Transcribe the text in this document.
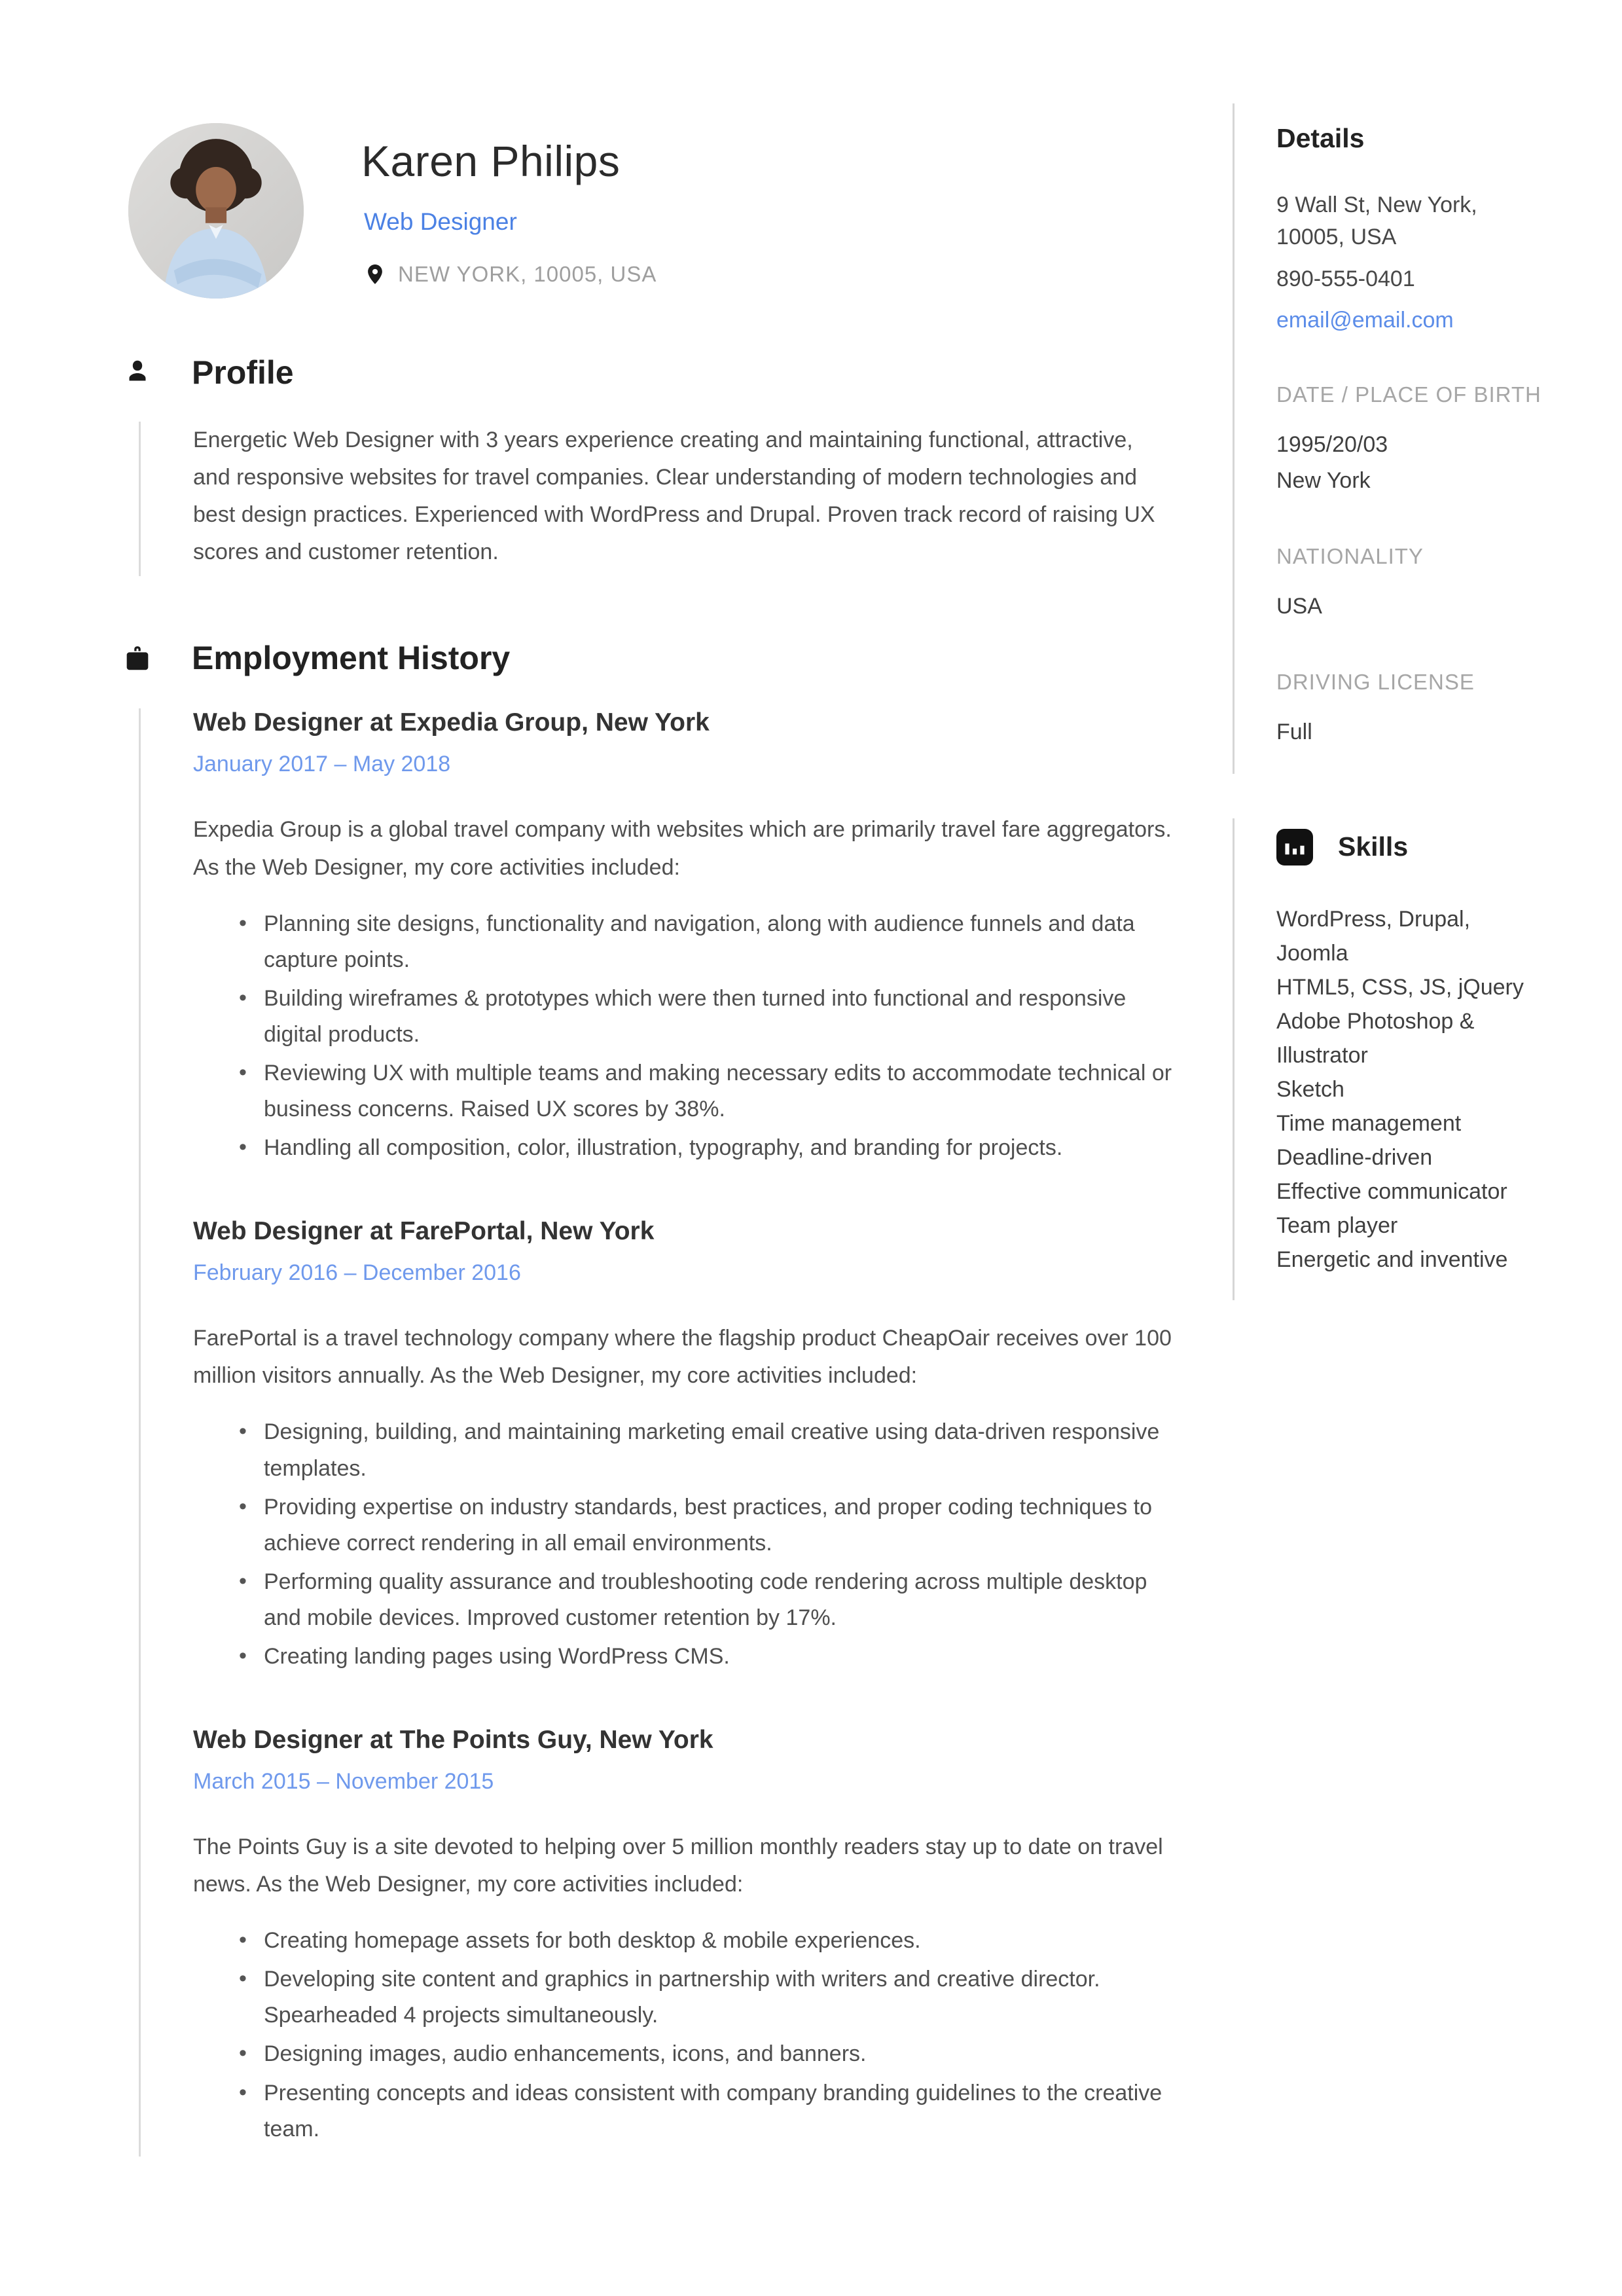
Karen Philips
Web Designer
NEW YORK, 10005, USA
Profile
Energetic Web Designer with 3 years experience creating and maintaining functional, attractive, and responsive websites for travel companies. Clear understanding of modern technologies and best design practices. Experienced with WordPress and Drupal. Proven track record of raising UX scores and customer retention.
Employment History
Web Designer at Expedia Group, New York
January 2017 – May 2018
Expedia Group is a global travel company with websites which are primarily travel fare aggregators. As the Web Designer, my core activities included:
• Planning site designs, functionality and navigation, along with audience funnels and data capture points.
• Building wireframes & prototypes which were then turned into functional and responsive digital products.
• Reviewing UX with multiple teams and making necessary edits to accommodate technical or business concerns. Raised UX scores by 38%.
• Handling all composition, color, illustration, typography, and branding for projects.
Web Designer at FarePortal, New York
February 2016 – December 2016
FarePortal is a travel technology company where the flagship product CheapOair receives over 100 million visitors annually. As the Web Designer, my core activities included:
• Designing, building, and maintaining marketing email creative using data-driven responsive templates.
• Providing expertise on industry standards, best practices, and proper coding techniques to achieve correct rendering in all email environments.
• Performing quality assurance and troubleshooting code rendering across multiple desktop and mobile devices. Improved customer retention by 17%.
• Creating landing pages using WordPress CMS.
Web Designer at The Points Guy, New York
March 2015 – November 2015
The Points Guy is a site devoted to helping over 5 million monthly readers stay up to date on travel news. As the Web Designer, my core activities included:
• Creating homepage assets for both desktop & mobile experiences.
• Developing site content and graphics in partnership with writers and creative director. Spearheaded 4 projects simultaneously.
• Designing images, audio enhancements, icons, and banners.
• Presenting concepts and ideas consistent with company branding guidelines to the creative team.
Details
9 Wall St, New York, 10005, USA
890-555-0401
email@email.com
DATE / PLACE OF BIRTH
1995/20/03
New York
NATIONALITY
USA
DRIVING LICENSE
Full
Skills
WordPress, Drupal, Joomla
HTML5, CSS, JS, jQuery
Adobe Photoshop & Illustrator
Sketch
Time management
Deadline-driven
Effective communicator
Team player
Energetic and inventive
